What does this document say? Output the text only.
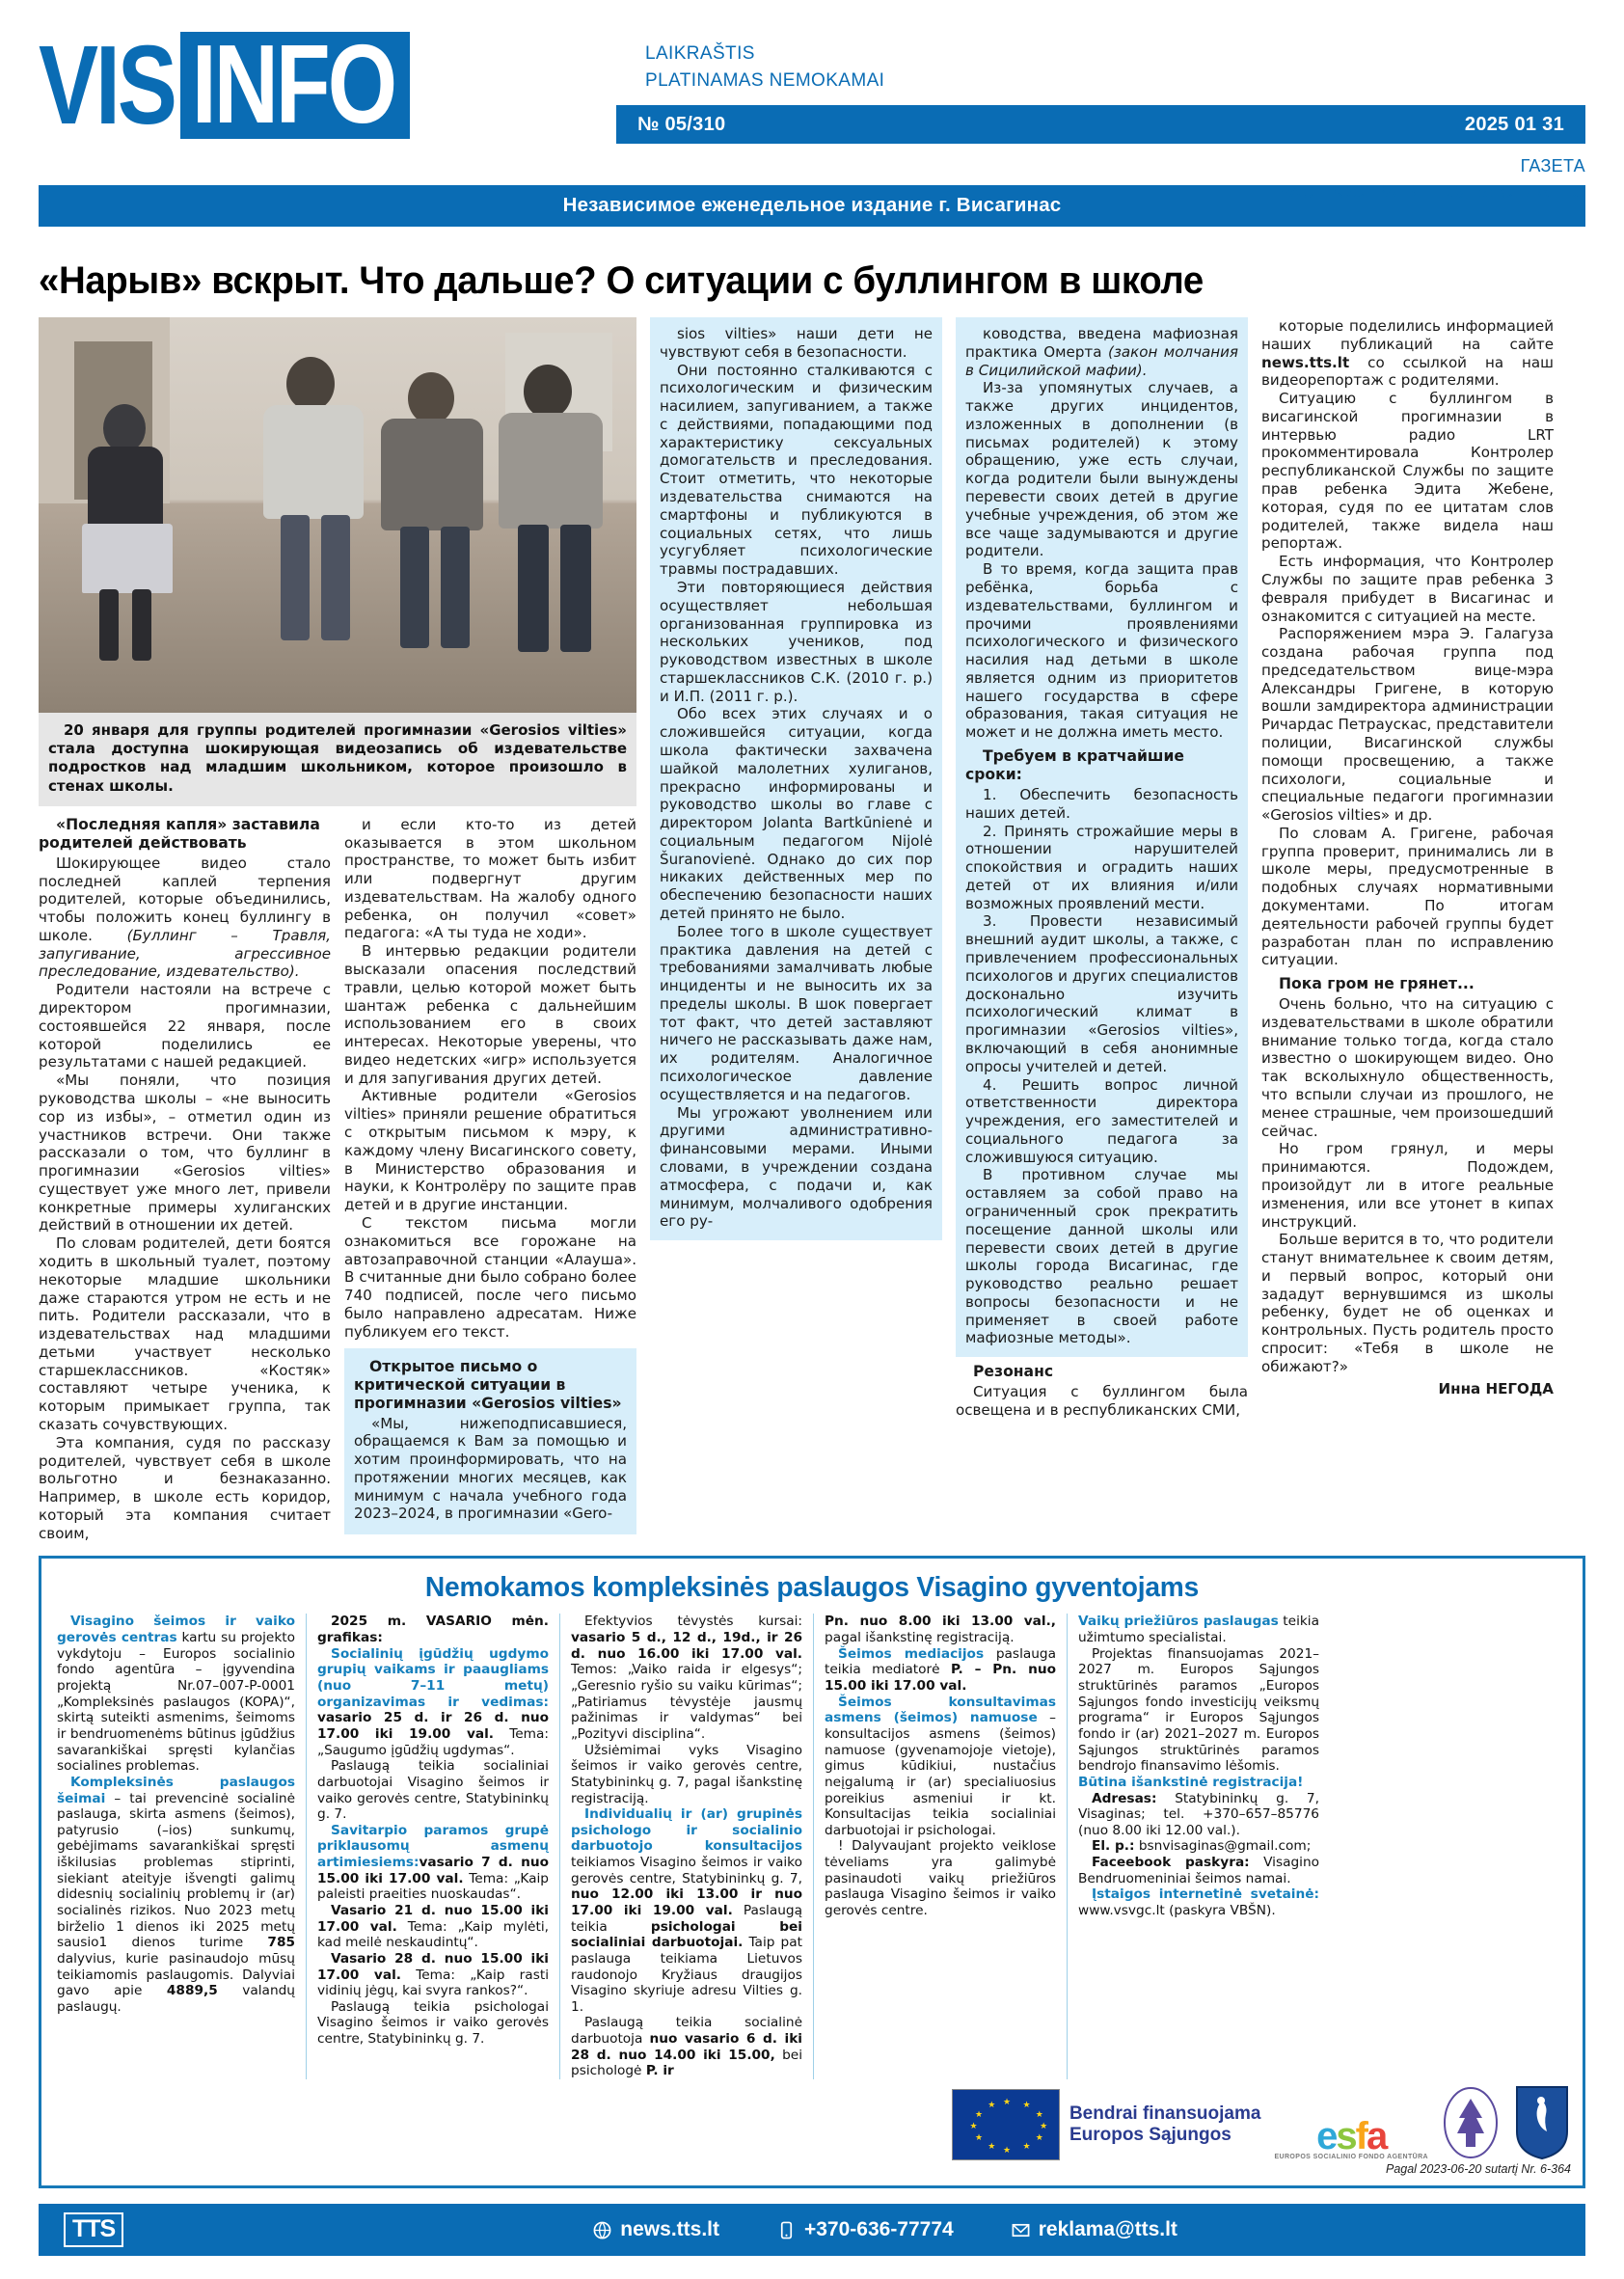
VIS INFO	LAIKRAŠTIS
PLATINAMAS NEMOKAMAI
№ 05/310	2025 01 31
ГАЗЕТА
РАСПРОСТРАНЯЕТСЯ БЕСПЛАТНО
Независимое еженедельное издание г. Висагинас
«Нарыв» вскрыт. Что дальше? О ситуации с буллингом в школе
20 января для группы родителей прогимназии «Gerosios vilties» стала доступна шокирующая видеозапись об издевательстве подростков над младшим школьником, которое произошло в стенах школы.
«Последняя капля» заставила родителей действовать

Шокирующее видео стало последней каплей терпения родителей, которые объединились, чтобы положить конец буллингу в школе. (Буллинг – Травля, запугивание, агрессивное преследование, издевательство).

Родители настояли на встрече с директором прогимназии, состоявшейся 22 января, после которой поделились ее результатами с нашей редакцией.

«Мы поняли, что позиция руководства школы – «не выносить сор из избы», – отметил один из участников встречи. Они также рассказали о том, что буллинг в прогимназии «Gerosios vilties» существует уже много лет, привели конкретные примеры хулиганских действий в отношении их детей.

По словам родителей, дети боятся ходить в школьный туалет, поэтому некоторые младшие школьники даже стараются утром не есть и не пить. Родители рассказали, что в издевательствах над младшими детьми участвует несколько старшеклассников. «Костяк» составляют четыре ученика, к которым примыкает группа, так сказать сочувствующих.

Эта компания, судя по рассказу родителей, чувствует себя в школе вольготно и безнаказанно. Например, в школе есть коридор, который эта компания считает своим,

и если кто-то из детей оказывается в этом школьном пространстве, то может быть избит или подвергнут другим издевательствам. На жалобу одного ребенка, он получил «совет» педагога: «А ты туда не ходи».

В интервью редакции родители высказали опасения последствий травли, целью которой может быть шантаж ребенка с дальнейшим использованием его в своих интересах. Некоторые уверены, что видео недетских «игр» используется и для запугивания других детей.

Активные родители «Gerosios vilties» приняли решение обратиться с открытым письмом к мэру, к каждому члену Висагинского совету, в Министерство образования и науки, к Контролёру по защите прав детей и в другие инстанции.

С текстом письма могли ознакомиться все горожане на автозаправочной станции «Алауша». В считанные дни было собрано более 740 подписей, после чего письмо было направлено адресатам. Ниже публикуем его текст.

Открытое письмо о критической ситуации в прогимназии «Gerosios vilties»

«Мы, нижеподписавшиеся, обращаемся к Вам за помощью и хотим проинформировать, что на протяжении многих месяцев, как минимум с начала учебного года 2023–2024, в прогимназии «Gero-

sios vilties» наши дети не чувствуют себя в безопасности.

Они постоянно сталкиваются с психологическим и физическим насилием, запугиванием, а также с действиями, попадающими под характеристику сексуальных домогательств и преследования. Стоит отметить, что некоторые издевательства снимаются на смартфоны и публикуются в социальных сетях, что лишь усугубляет психологические травмы пострадавших.

Эти повторяющиеся действия осуществляет небольшая организованная группировка из нескольких учеников, под руководством известных в школе старшеклассников С.К. (2010 г. р.) и И.П. (2011 г. р.).

Обо всех этих случаях и о сложившейся ситуации, когда школа фактически захвачена шайкой малолетних хулиганов, прекрасно информированы и руководство школы во главе с директором Jolanta Bartkūnienė и социальным педагогом Nijolė Šuranovienė. Однако до сих пор никаких действенных мер по обеспечению безопасности наших детей принято не было.

Более того в школе существует практика давления на детей с требованиями замалчивать любые инциденты и не выносить их за пределы школы. В шок повергает тот факт, что детей заставляют ничего не рассказывать даже нам, их родителям. Аналогичное психологическое давление осуществляется и на педагогов.

Мы угрожают уволнением или другими административно-финансовыми мерами. Иными словами, в учреждении создана атмосфера, с подачи и, как минимум, молчаливого одобрения его ру-

ководства, введена мафиозная практика Омерта (закон молчания в Сицилийской мафии).

Из-за упомянутых случаев, а также других инцидентов, изложенных в дополнении (в письмах родителей) к этому обращению, уже есть случаи, когда родители были вынуждены перевести своих детей в другие учебные учреждения, об этом же все чаще задумываются и другие родители.

В то время, когда защита прав ребёнка, борьба с издевательствами, буллингом и прочими проявлениями психологического и физического насилия над детьми в школе является одним из приоритетов нашего государства в сфере образования, такая ситуация не может и не должна иметь место.

Требуем в кратчайшие сроки:

1. Обеспечить безопасность наших детей.

2. Принять строжайшие меры в отношении нарушителей спокойствия и оградить наших детей от их влияния и/или возможных проявлений мести.

3. Провести независимый внешний аудит школы, а также, с привлечением профессиональных психологов и других специалистов досконально изучить психологический климат в прогимназии «Gerosios vilties», включающий в себя анонимные опросы учителей и детей.

4. Решить вопрос личной ответственности директора учреждения, его заместителей и социального педагога за сложившуюся ситуацию.

В противном случае мы оставляем за собой право на ограниченный срок прекратить посещение данной школы или перевести своих детей в другие школы города Висагинас, где руководство реально решает вопросы безопасности и не применяет в своей работе мафиозные методы».

Резонанс

Ситуация с буллингом была освещена и в республиканских СМИ,

которые поделились информацией наших публикаций на сайте news.tts.lt со ссылкой на наш видеорепортаж с родителями.

Ситуацию с буллингом в висагинской прогимназии в интервью радио LRT прокомментировала Контролер республиканской Службы по защите прав ребенка Эдита Жебене, которая, судя по ее цитатам слов родителей, также видела наш репортаж.

Есть информация, что Контролер Службы по защите прав ребенка 3 февраля прибудет в Висагинас и ознакомится с ситуацией на месте.

Распоряжением мэра Э. Галагуза создана рабочая группа под председательством вице-мэра Александры Григене, в которую вошли замдиректора администрации Ричардас Петраускас, представители полиции, Висагинской службы помощи просвещению, а также психологи, социальные и специальные педагоги прогимназии «Gerosios vilties» и др.

По словам А. Григене, рабочая группа проверит, принимались ли в школе меры, предусмотренные в подобных случаях нормативными документами. По итогам деятельности рабочей группы будет разработан план по исправлению ситуации.

Пока гром не грянет...

Очень больно, что на ситуацию с издевательствами в школе обратили внимание только тогда, когда стало известно о шокирующем видео. Оно так всколыхнуло общественность, что вспыли случаи из прошлого, не менее страшные, чем произошедший сейчас.

Но гром грянул, и меры принимаются. Подождем, произойдут ли в итоге реальные изменения, или все утонет в кипах инструкций.

Больше верится в то, что родители станут внимательнее к своим детям, и первый вопрос, который они зададут вернувшимся из школы ребенку, будет не об оценках и контрольных. Пусть родитель просто спросит: «Тебя в школе не обижают?»

Инна НЕГОДА

Nemokamos kompleksinės paslaugos Visagino gyventojams

Visagino šeimos ir vaiko gerovės centras kartu su projekto vykdytoju – Europos socialinio fondo agentūra – įgyvendina projektą Nr.07–007-P-0001 „Kompleksinės paslaugos (KOPA)“, skirtą suteikti asmenims, šeimoms ir bendruomenėms būtinus įgūdžius savarankiškai spręsti kylančias socialines problemas.

Kompleksinės paslaugos šeimai – tai prevencinė socialinė paslauga, skirta asmens (šeimos), patyrusio (–ios) sunkumų, gebėjimams savarankiškai spręsti iškilusias problemas stiprinti, siekiant ateityje išvengti galimų didesnių socialinių problemų ir (ar) socialinės rizikos. Nuo 2023 metų birželio 1 dienos iki 2025 metų sausio1 dienos turime 785 dalyvius, kurie pasinaudojo mūsų teikiamomis paslaugomis. Dalyviai gavo apie 4889,5 valandų paslaugų.

2025 m. VASARIO mėn. grafikas:

Socialinių įgūdžių ugdymo grupių vaikams ir paaugliams (nuo 7–11 metų) organizavimas ir vedimas: vasario 25 d. ir 26 d. nuo 17.00 iki 19.00 val. Tema: „Saugumo įgūdžių ugdymas“.

Paslaugą teikia socialiniai darbuotojai Visagino šeimos ir vaiko gerovės centre, Statybininkų g. 7.

Savitarpio paramos grupė priklausomų asmenų artimiesiems:vasario 7 d. nuo 15.00 iki 17.00 val. Tema: „Kaip paleisti praeities nuoskaudas“.

Vasario 21 d. nuo 15.00 iki 17.00 val. Tema: „Kaip mylėti, kad meilė neskaudintų“.

Vasario 28 d. nuo 15.00 iki 17.00 val. Tema: „Kaip rasti vidinių jėgų, kai svyra rankos?“.

Paslaugą teikia psichologai Visagino šeimos ir vaiko gerovės centre, Statybininkų g. 7.

Efektyvios tėvystės kursai: vasario 5 d., 12 d., 19d., ir 26 d. nuo 16.00 iki 17.00 val. Temos: „Vaiko raida ir elgesys“; „Geresnio ryšio su vaiku kūrimas“; „Patiriamus tėvystėje jausmų pažinimas ir valdymas“ bei „Pozityvi disciplina“.

Užsiėmimai vyks Visagino šeimos ir vaiko gerovės centre, Statybininkų g. 7, pagal išankstinę registraciją.

Individualių ir (ar) grupinės psichologo ir socialinio darbuotojo konsultacijos teikiamos Visagino šeimos ir vaiko gerovės centre, Statybininkų g. 7, nuo 12.00 iki 13.00 ir nuo 17.00 iki 19.00 val. Paslaugą teikia psichologai bei socialiniai darbuotojai. Taip pat paslauga teikiama Lietuvos raudonojo Kryžiaus draugijos Visagino skyriuje adresu Vilties g. 1.

Paslaugą teikia socialinė darbuotoja nuo vasario 6 d. iki 28 d. nuo 14.00 iki 15.00, bei psichologė P. ir

Pn. nuo 8.00 iki 13.00 val., pagal išankstinę registraciją.

Šeimos mediacijos paslauga teikia mediatorė P. – Pn. nuo 15.00 iki 17.00 val.

Šeimos konsultavimas asmens (šeimos) namuose – konsultacijos asmens (šeimos) namuose (gyvenamojoje vietoje), gimus kūdikiui, nustačius neįgalumą ir (ar) specialiuosius poreikius asmeniui ir kt. Konsultacijas teikia socialiniai darbuotojai ir psichologai.

! Dalyvaujant projekto veiklose tėveliams yra galimybė pasinaudoti vaikų priežiūros paslauga Visagino šeimos ir vaiko gerovės centre.

Vaikų priežiūros paslaugas teikia užimtumo specialistai.

Projektas finansuojamas 2021–2027 m. Europos Sąjungos struktūrinės paramos „Europos Sąjungos fondo investicijų veiksmų programa“ ir Europos Sąjungos fondo ir (ar) 2021–2027 m. Europos Sąjungos struktūrinės paramos bendrojo finansavimo lėšomis.

Būtina išankstinė registracija!

Adresas: Statybininkų g. 7, Visaginas; tel. +370–657–85776 (nuo 8.00 iki 12.00 val.).

El. p.: bsnvisaginas@gmail.com;

Faceebook paskyra: Visagino Bendruomeniniai šeimos namai.

Įstaigos internetinė svetainė: www.vsvgc.lt (paskyra VBŠN).

★ ★
★
★
★
★
★
★
★
★
★
★	Bendrai finansuojama
Europos Sąjungos	esfa
EUROPOS SOCIALINIO FONDO AGENTŪRA
Pagal 2023-06-20 sutartį Nr. 6-364
TTS	news.tts.lt	+370-636-77774	reklama@tts.lt
